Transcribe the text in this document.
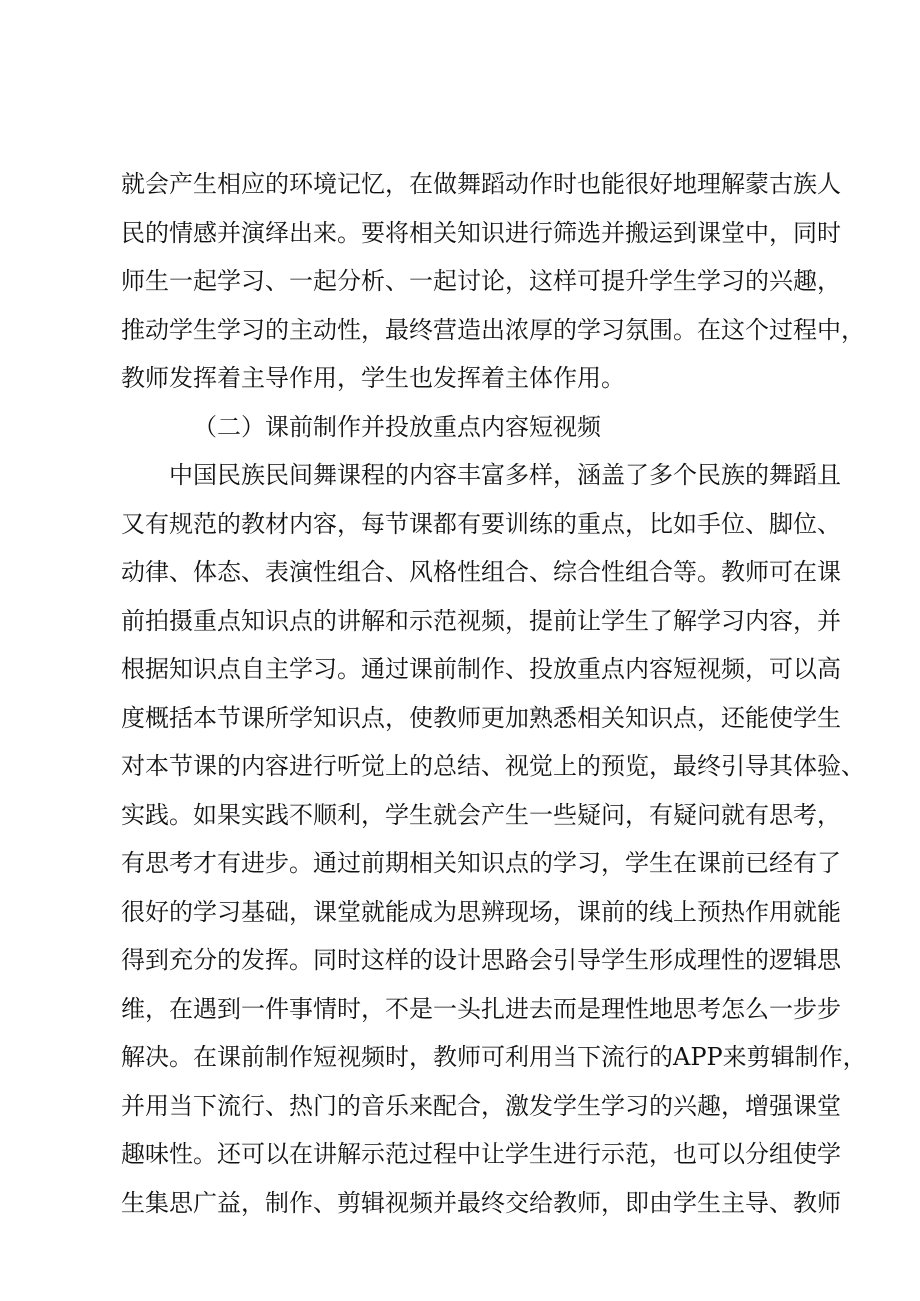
就会产生相应的环境记忆，在做舞蹈动作时也能很好地理解蒙古族人
民的情感并演绎出来。要将相关知识进行筛选并搬运到课堂中，同时
师生一起学习、一起分析、一起讨论，这样可提升学生学习的兴趣，
推动学生学习的主动性，最终营造出浓厚的学习氛围。在这个过程中，
教师发挥着主导作用，学生也发挥着主体作用。
（二）课前制作并投放重点内容短视频
中国民族民间舞课程的内容丰富多样，涵盖了多个民族的舞蹈且
又有规范的教材内容，每节课都有要训练的重点，比如手位、脚位、
动律、体态、表演性组合、风格性组合、综合性组合等。教师可在课
前拍摄重点知识点的讲解和示范视频，提前让学生了解学习内容，并
根据知识点自主学习。通过课前制作、投放重点内容短视频，可以高
度概括本节课所学知识点，使教师更加熟悉相关知识点，还能使学生
对本节课的内容进行听觉上的总结、视觉上的预览，最终引导其体验、
实践。如果实践不顺利，学生就会产生一些疑问，有疑问就有思考，
有思考才有进步。通过前期相关知识点的学习，学生在课前已经有了
很好的学习基础，课堂就能成为思辨现场，课前的线上预热作用就能
得到充分的发挥。同时这样的设计思路会引导学生形成理性的逻辑思
维，在遇到一件事情时，不是一头扎进去而是理性地思考怎么一步步
解决。在课前制作短视频时，教师可利用当下流行的APP来剪辑制作，
并用当下流行、热门的音乐来配合，激发学生学习的兴趣，增强课堂
趣味性。还可以在讲解示范过程中让学生进行示范，也可以分组使学
生集思广益，制作、剪辑视频并最终交给教师，即由学生主导、教师
